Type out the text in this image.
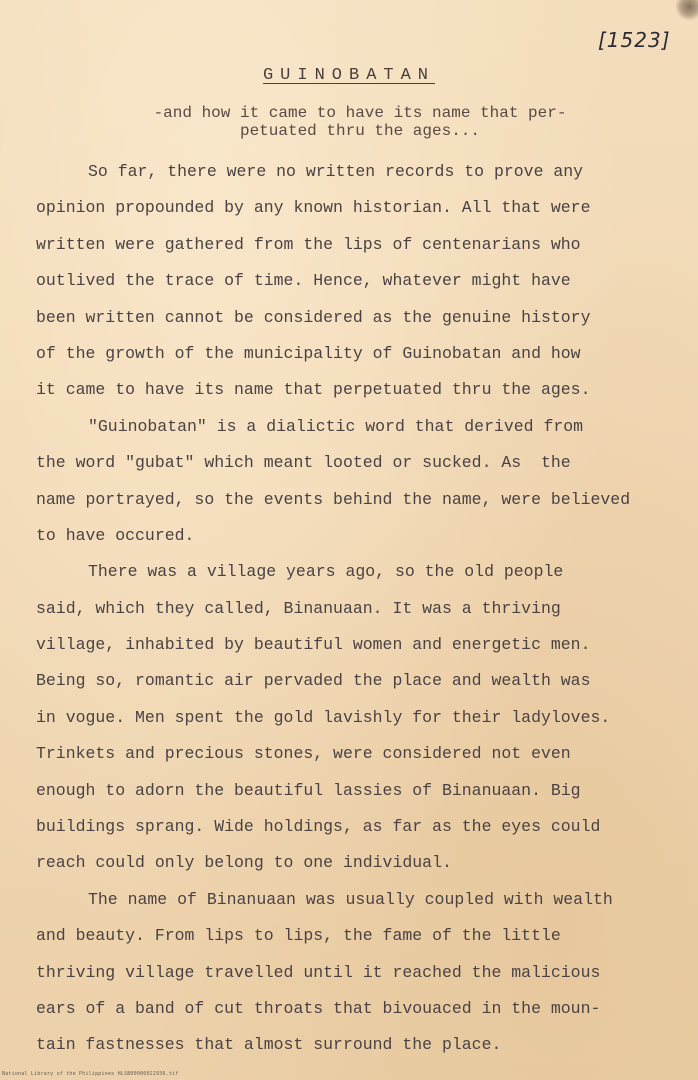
[1523]
GUINOBATAN
-and how it came to have its name that per-
petuated thru the ages...
So far, there were no written records to prove any
opinion propounded by any known historian. All that were
written were gathered from the lips of centenarians who
outlived the trace of time. Hence, whatever might have
been written cannot be considered as the genuine history
of the growth of the municipality of Guinobatan and how
it came to have its name that perpetuated thru the ages.
"Guinobatan" is a dialictic word that derived from
the word "gubat" which meant looted or sucked. As  the
name portrayed, so the events behind the name, were believed
to have occured.
There was a village years ago, so the old people
said, which they called, Binanuaan. It was a thriving
village, inhabited by beautiful women and energetic men.
Being so, romantic air pervaded the place and wealth was
in vogue. Men spent the gold lavishly for their ladyloves.
Trinkets and precious stones, were considered not even
enough to adorn the beautiful lassies of Binanuaan. Big
buildings sprang. Wide holdings, as far as the eyes could
reach could only belong to one individual.
The name of Binanuaan was usually coupled with wealth
and beauty. From lips to lips, the fame of the little
thriving village travelled until it reached the malicious
ears of a band of cut throats that bivouaced in the moun-
tain fastnesses that almost surround the place.
National Library of the Philippines HLSB00000022936.tif
